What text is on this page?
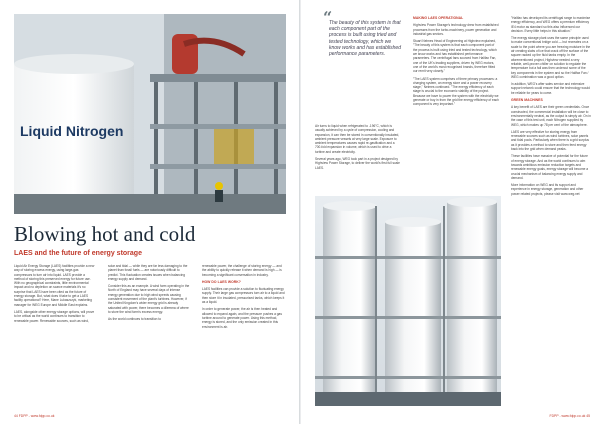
Liquid Nitrogen
Blowing hot and cold
LAES and the future of energy storage

Liquid Air Energy Storage (LAES) facilities provide a new way of storing excess energy, using large-gas compressors to turn air into liquid. LAES provide a method of storing this preserved energy for future use. With no geographical constraints, little environmental impact and no depletion on scarce materials it's no surprise that LAES have been cited as the future of energy storage. But, what does it take to get a LAES facility operational? Here, Mane Lukaszczyk, marketing manager for WEG Europe and Middle East explains.

LAES, alongside other energy storage options, will prove to be critical as the world continues to transition to renewable power. Renewable sources, such as wind,

solar and tidal — while they are far less damaging to the planet than fossil fuels — are notoriously difficult to predict. This fluctuation creates issues when balancing energy supply and demand.

Consider this as an example. A wind farm operating in the North of England may have several days of intense energy generation due to high wind speeds causing consistent movement of the plant's turbines. However, if the United Kingdom's wider energy grid is already saturated with power, there becomes a dilemma of where to store the wind farm's excess energy.

As the world continues to transition to

renewable power, the challenge of storing energy — and the ability to quickly release it when demand is high — is becoming a significant conversation in industry.

HOW DO LAES WORK?

LAES facilities can provide a solution to fluctuating energy supply. Their large gas compressors turn air to a liquid and then store it in insulated, pressurised tanks, which keeps it as a liquid.

In order to generate power, the air is then heated and allowed to expand again, and the pressure pushes a gas turbine around to generate power. Using this method, energy is stored, and the only emission created in this environment is air.

44 FDPP - www.fdpp.co.uk
“
The beauty of this system is that each component part of the process is built using tried and tested technology, which we know works and has established performance parameters.

Air turns to liquid when refrigerated to -196°C, which is usually achieved by a cycle of compression, cooling and expansion, it can then be stored in conventionally insulated, ambient pressure vessels at very large scale. Exposure to ambient temperatures causes rapid re-gasification and a 700-fold expansion in volume, which is used to drive a turbine and create electricity.

Several years ago, WEG took part in a project designed by Highview Power Storage, to deliver the world's first full scale LAES.

MAKING LAES OPERATIONAL

Highview Power Storage's technology drew from established processes from the turbo-machinery, power generation and industrial gas sectors.

Stuart Nelmes Head of Engineering at Highview explained, "The beauty of this system is that each component part of the process is built using tried and tested technology, which we know works and has established performance parameters. The centrifugal fans sourced from Halifax Fan, one of the UK's leading suppliers, driven by WEG motors, one of the world's most recognised brands, therefore fitted our remit very closely."

"The LAES system comprises of three primary processes: a charging system, an energy store and a power recovery stage," Nelmes continued. "The energy efficiency of each stage is crucial to the economic viability of the project. Because we have to power the system with the electricity we generate or buy in from the grid the energy efficiency of each component is very important."

"Halifax has developed its centrifugal range to maximise energy efficiency, and WEG offers a premium efficiency IE4 motor as standard so this also influenced our decision. Every little helps in this situation."

The energy storage plant uses the same principle used to make conventional bridge cold — but recreates on a scale to the point where you are freezing moisture in the air creating slabs of ice that crack off the surface of the square racked up the fluid tanks empty. In the aforementioned project, Highview needed a very reliable, well-proven chiller on solution to regulate the temperature but a fall was then undercut some of the key components in the system and so the Halifax Fan / WEG combination was a good option.

In addition, WEG's after sales service and extensive support network could ensure that the technology would be reliable for years to come.

GREEN MACHINES

A key benefit of LAES are their green credentials. Once constructed, the commercial installation will be close to environmentally neutral, as the output is simply air. On in the case of this test unit, each Nitrogen supplied by WEG, which makes up 78 per cent of the atmosphere.

LAES are very effective for storing energy from renewable sources such as wind turbines, solar panels and tidal pools. Particularly when there is a grid surplus as it provides a method to store and then feed energy back into the grid when demand peaks.

These facilities have massive of potential for the future of energy storage. And as the world continues to aim towards ambitious emission reduction targets and renewable energy goals, energy storage will become a crucial mechanism of balancing energy supply and demand.

More information on WEG and its support and experience in energy storage, generation and other power related projects, please visit www.weg.net

FDPP - www.fdpp.co.uk 45
